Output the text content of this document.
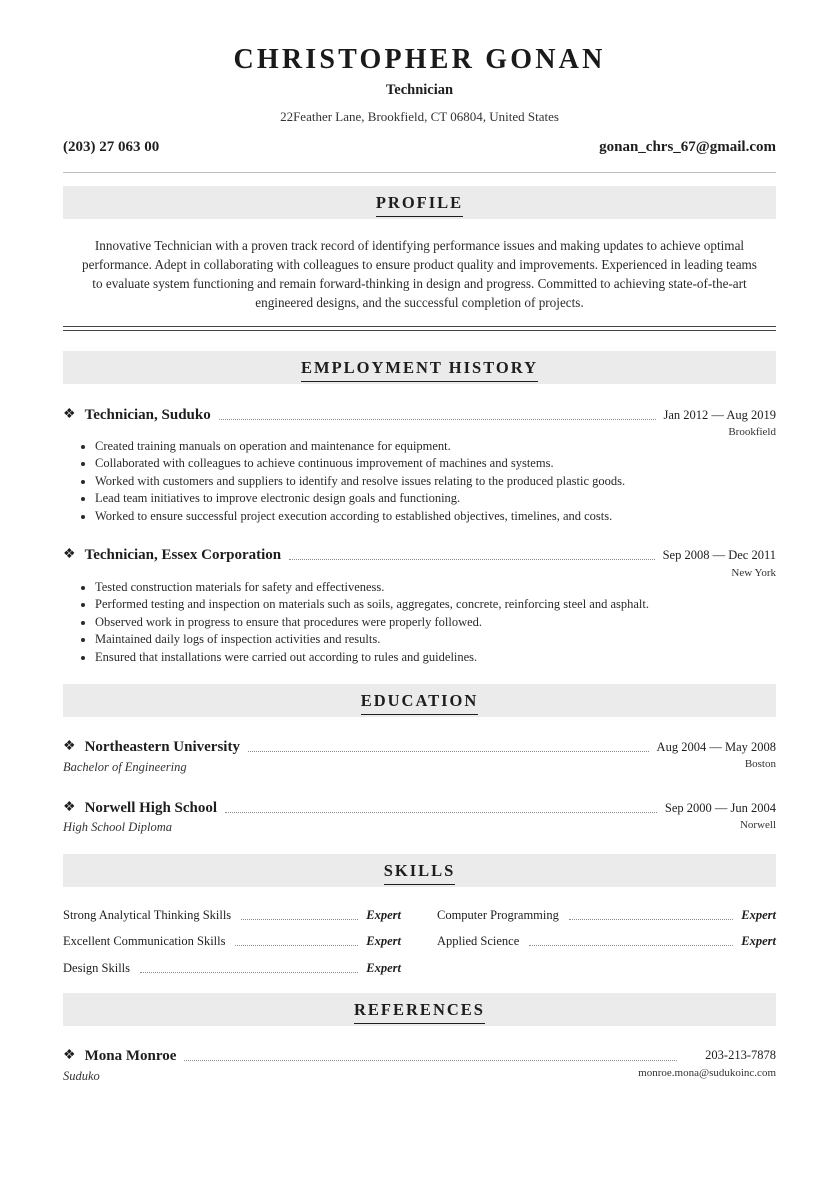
CHRISTOPHER GONAN
Technician
22Feather Lane, Brookfield, CT 06804, United States
(203) 27 063 00	gonan_chrs_67@gmail.com
PROFILE
Innovative Technician with a proven track record of identifying performance issues and making updates to achieve optimal
performance. Adept in collaborating with colleagues to ensure product quality and improvements. Experienced in leading teams
to evaluate system functioning and remain forward-thinking in design and progress. Committed to achieving state-of-the-art
engineered designs, and the successful completion of projects.
EMPLOYMENT HISTORY
❖ Technician, Suduko	Jan 2012 — Aug 2019
Brookfield
• Created training manuals on operation and maintenance for equipment.
• Collaborated with colleagues to achieve continuous improvement of machines and systems.
• Worked with customers and suppliers to identify and resolve issues relating to the produced plastic goods.
• Lead team initiatives to improve electronic design goals and functioning.
• Worked to ensure successful project execution according to established objectives, timelines, and costs.
❖ Technician, Essex Corporation	Sep 2008 — Dec 2011
New York
• Tested construction materials for safety and effectiveness.
• Performed testing and inspection on materials such as soils, aggregates, concrete, reinforcing steel and asphalt.
• Observed work in progress to ensure that procedures were properly followed.
• Maintained daily logs of inspection activities and results.
• Ensured that installations were carried out according to rules and guidelines.
EDUCATION
❖ Northeastern University	Aug 2004 — May 2008
Bachelor of Engineering	Boston
❖ Norwell High School	Sep 2000 — Jun 2004
High School Diploma	Norwell
SKILLS
Strong Analytical Thinking Skills	Expert	Computer Programming	Expert
Excellent Communication Skills	Expert	Applied Science	Expert
Design Skills	Expert
REFERENCES
❖ Mona Monroe	203-213-7878
Suduko	monroe.mona@sudukoinc.com
